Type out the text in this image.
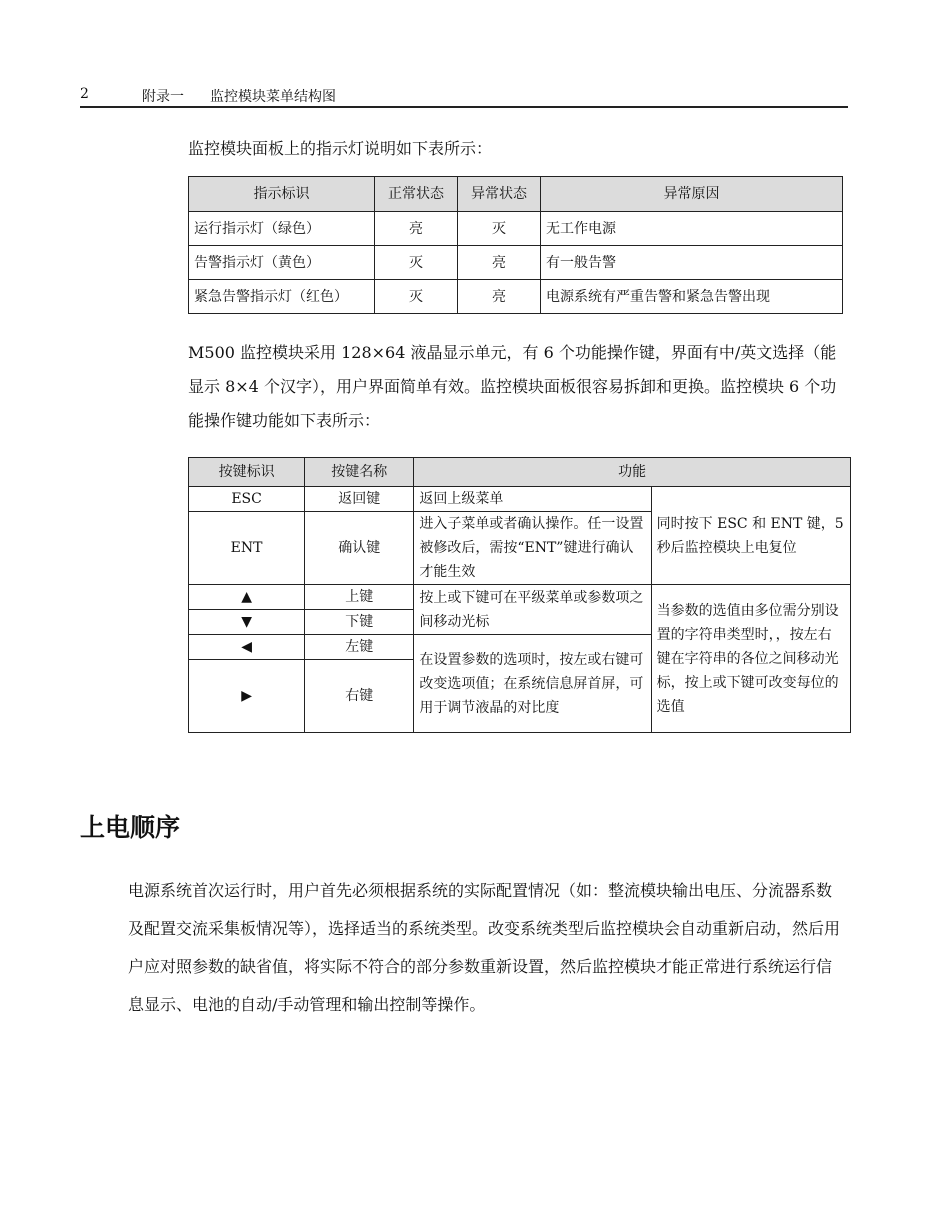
2	附录一 监控模块菜单结构图
监控模块面板上的指示灯说明如下表所示：
指示标识	正常状态	异常状态	异常原因
运行指示灯（绿色）	亮	灭	无工作电源
告警指示灯（黄色）	灭	亮	有一般告警
紧急告警指示灯（红色）	灭	亮	电源系统有严重告警和紧急告警出现
M500 监控模块采用 128×64 液晶显示单元，有 6 个功能操作键，界面有中/英文选择（能显示 8×4 个汉字），用户界面简单有效。监控模块面板很容易拆卸和更换。监控模块 6 个功能操作键功能如下表所示：
按键标识	按键名称	功能	
ESC	返回键	返回上级菜单	同时按下 ESC 和 ENT 键，5 秒后监控模块上电复位
ENT	确认键	进入子菜单或者确认操作。任一设置被修改后，需按“ENT”键进行确认才能生效	
▲	上键	按上或下键可在平级菜单或参数项之间移动光标	当参数的选值由多位需分别设置的字符串类型时，，按左右键在字符串的各位之间移动光标，按上或下键可改变每位的选值
▼	下键		
◀	左键	在设置参数的选项时，按左或右键可改变选项值；在系统信息屏首屏，可用于调节液晶的对比度	
▶	右键		
上电顺序
电源系统首次运行时，用户首先必须根据系统的实际配置情况（如：整流模块输出电压、分流器系数及配置交流采集板情况等），选择适当的系统类型。改变系统类型后监控模块会自动重新启动，然后用户应对照参数的缺省值，将实际不符合的部分参数重新设置，然后监控模块才能正常进行系统运行信息显示、电池的自动/手动管理和输出控制等操作。
